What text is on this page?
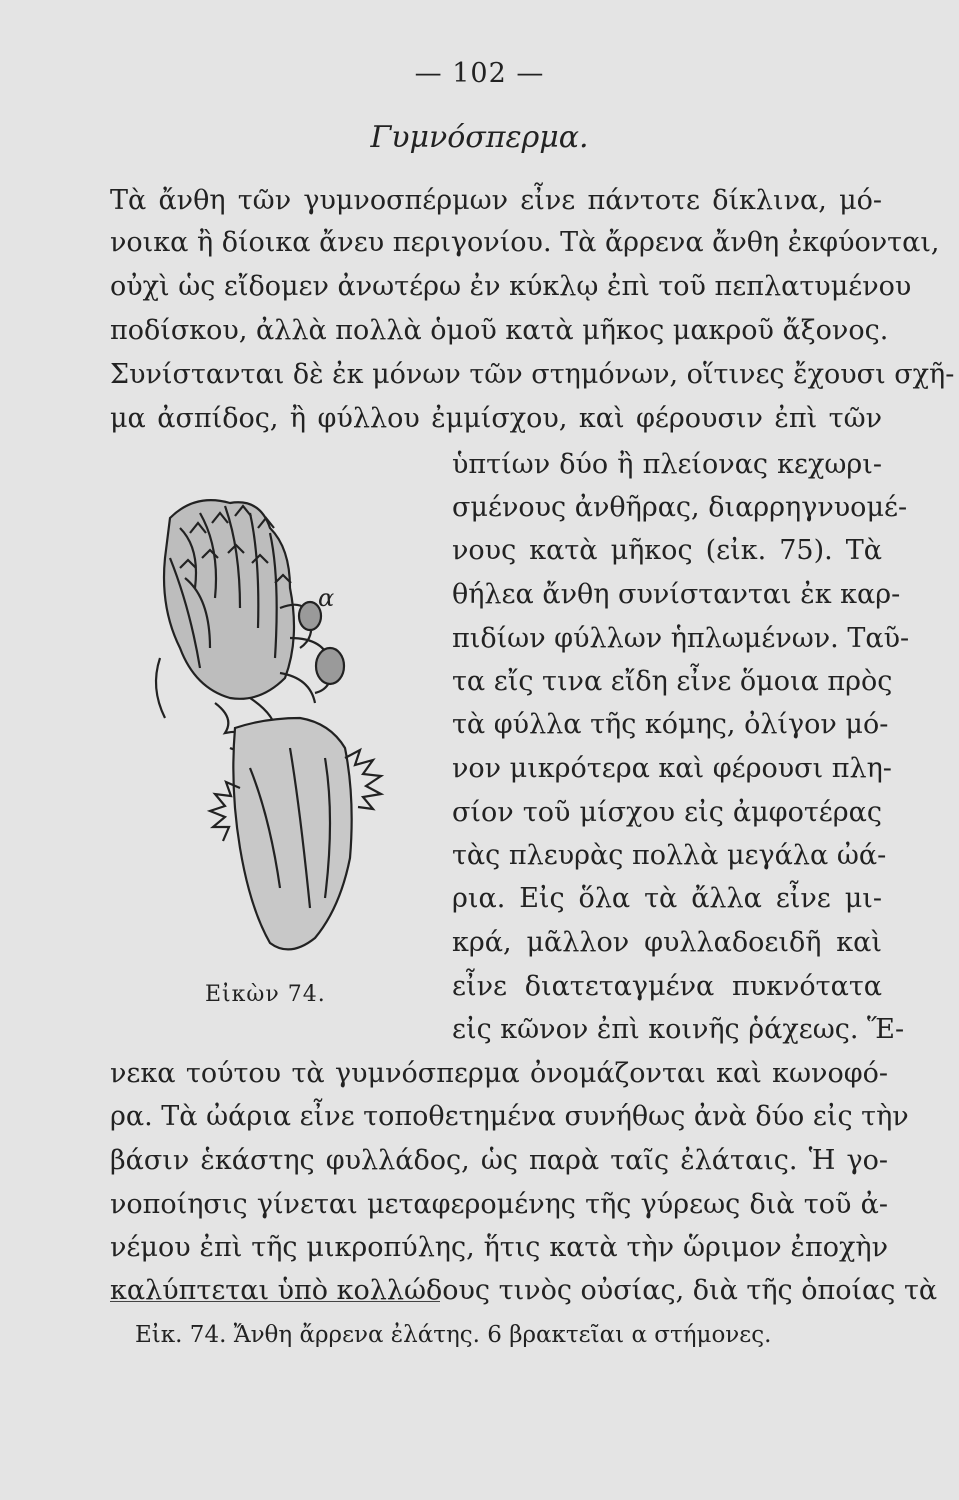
— 102 —
Γυμνόσπερμα.
Τὰ ἄνθη τῶν γυμνοσπέρμων εἶνε πάντοτε δίκλινα, μό-
νοικα ἢ δίοικα ἄνευ περιγονίου. Τὰ ἄρρενα ἄνθη ἐκφύονται,
οὐχὶ ὡς εἴδομεν ἀνωτέρω ἐν κύκλῳ ἐπὶ τοῦ πεπλατυμένου
ποδίσκου, ἀλλὰ πολλὰ ὁμοῦ κατὰ μῆκος μακροῦ ἄξονος.
Συνίστανται δὲ ἐκ μόνων τῶν στημόνων, οἵτινες ἔχουσι σχῆ-
μα ἀσπίδος, ἢ φύλλου ἐμμίσχου, καὶ φέρουσιν ἐπὶ τῶν
ὑπτίων δύο ἢ πλείονας κεχωρι-
σμένους ἀνθῆρας, διαρρηγνυομέ-
νους κατὰ μῆκος (εἰκ. 75). Τὰ
θήλεα ἄνθη συνίστανται ἐκ καρ-
πιδίων φύλλων ἡπλωμένων. Ταῦ-
τα εἴς τινα εἴδη εἶνε ὅμοια πρὸς
τὰ φύλλα τῆς κόμης, ὀλίγον μό-
νον μικρότερα καὶ φέρουσι πλη-
σίον τοῦ μίσχου εἰς ἀμφοτέρας
τὰς πλευρὰς πολλὰ μεγάλα ὠά-
ρια. Εἰς ὅλα τὰ ἄλλα εἶνε μι-
κρά, μᾶλλον φυλλαδοειδῆ καὶ
εἶνε διατεταγμένα πυκνότατα
εἰς κῶνον ἐπὶ κοινῆς ῥάχεως. Ἕ-
α
Εἰκὼν 74.
νεκα τούτου τὰ γυμνόσπερμα ὀνομάζονται καὶ κωνοφό-
ρα. Τὰ ὠάρια εἶνε τοποθετημένα συνήθως ἀνὰ δύο εἰς τὴν
βάσιν ἑκάστης φυλλάδος, ὡς παρὰ ταῖς ἐλάταις. Ἡ γο-
νοποίησις γίνεται μεταφερομένης τῆς γύρεως διὰ τοῦ ἀ-
νέμου ἐπὶ τῆς μικροπύλης, ἥτις κατὰ τὴν ὥριμον ἐποχὴν
καλύπτεται ὑπὸ κολλώδους τινὸς οὐσίας, διὰ τῆς ὁποίας τὰ
Εἰκ. 74. Ἄνθη ἄρρενα ἐλάτης. 6 βρακτεῖαι α στήμονες.
